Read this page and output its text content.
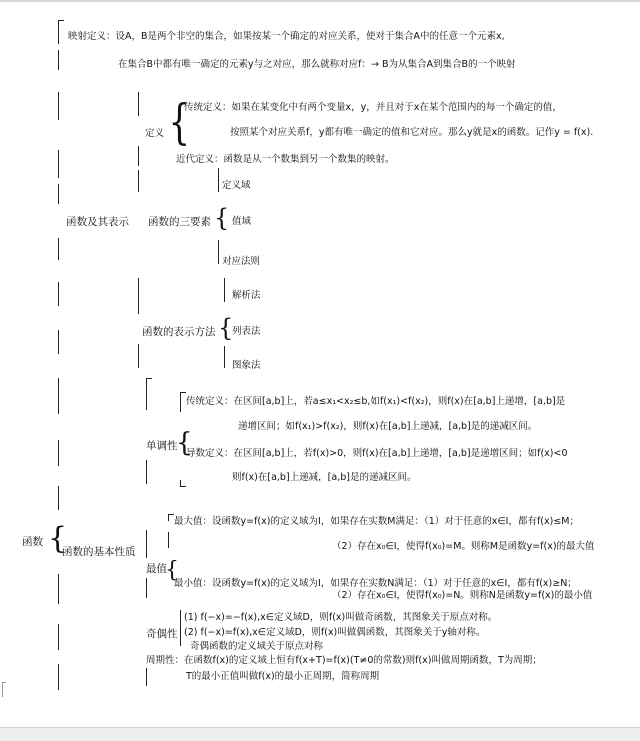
映射定义：设A，B是两个非空的集合，如果按某一个确定的对应关系，使对于集合A中的任意一个元素x,
在集合B中都有唯一确定的元素y与之对应，那么就称对应f：→ B为从集合A到集合B的一个映射
函数及其表示
定义 {
传统定义：如果在某变化中有两个变量x，y，并且对于x在某个范围内的每一个确定的值，
按照某个对应关系f，y都有唯一确定的值和它对应。那么y就是x的函数。记作y = f(x).
近代定义：函数是从一个数集到另一个数集的映射。
定义域
函数的三要素 { 值域
对应法则
解析法
函数的表示方法 {
列表法
图象法
函数 {
函数的基本性质
传统定义：在区间[a,b]上，若a≤x₁<x₂≤b,如f(x₁)<f(x₂)，则f(x)在[a,b]上递增，[a,b]是
递增区间；如f(x₁)>f(x₂)，则f(x)在[a,b]上递减，[a,b]是的递减区间。
单调性
{
导数定义：在区间[a,b]上，若f(x)>0，则f(x)在[a,b]上递增，[a,b]是递增区间；如f(x)<0
则f(x)在[a,b]上递减，[a,b]是的递减区间。
最大值：设函数y=f(x)的定义域为I，如果存在实数M满足：（1）对于任意的x∈I，都有f(x)≤M；
（2）存在x₀∈I，使得f(x₀)=M。则称M是函数y=f(x)的最大值
最值
{
最小值：设函数y=f(x)的定义域为I，如果存在实数N满足：（1）对于任意的x∈I，都有f(x)≥N；
（2）存在x₀∈I，使得f(x₀)=N。则称N是函数y=f(x)的最小值
(1) f(−x)=−f(x),x∈定义域D，则f(x)叫做奇函数，其图象关于原点对称。
奇偶性 (2) f(−x)=f(x),x∈定义域D，则f(x)叫做偶函数，其图象关于y轴对称。
奇偶函数的定义域关于原点对称
周期性：在函数f(x)的定义域上恒有f(x+T)=f(x)(T≠0的常数)则f(x)叫做周期函数，T为周期；
T的最小正值叫做f(x)的最小正周期，简称周期
